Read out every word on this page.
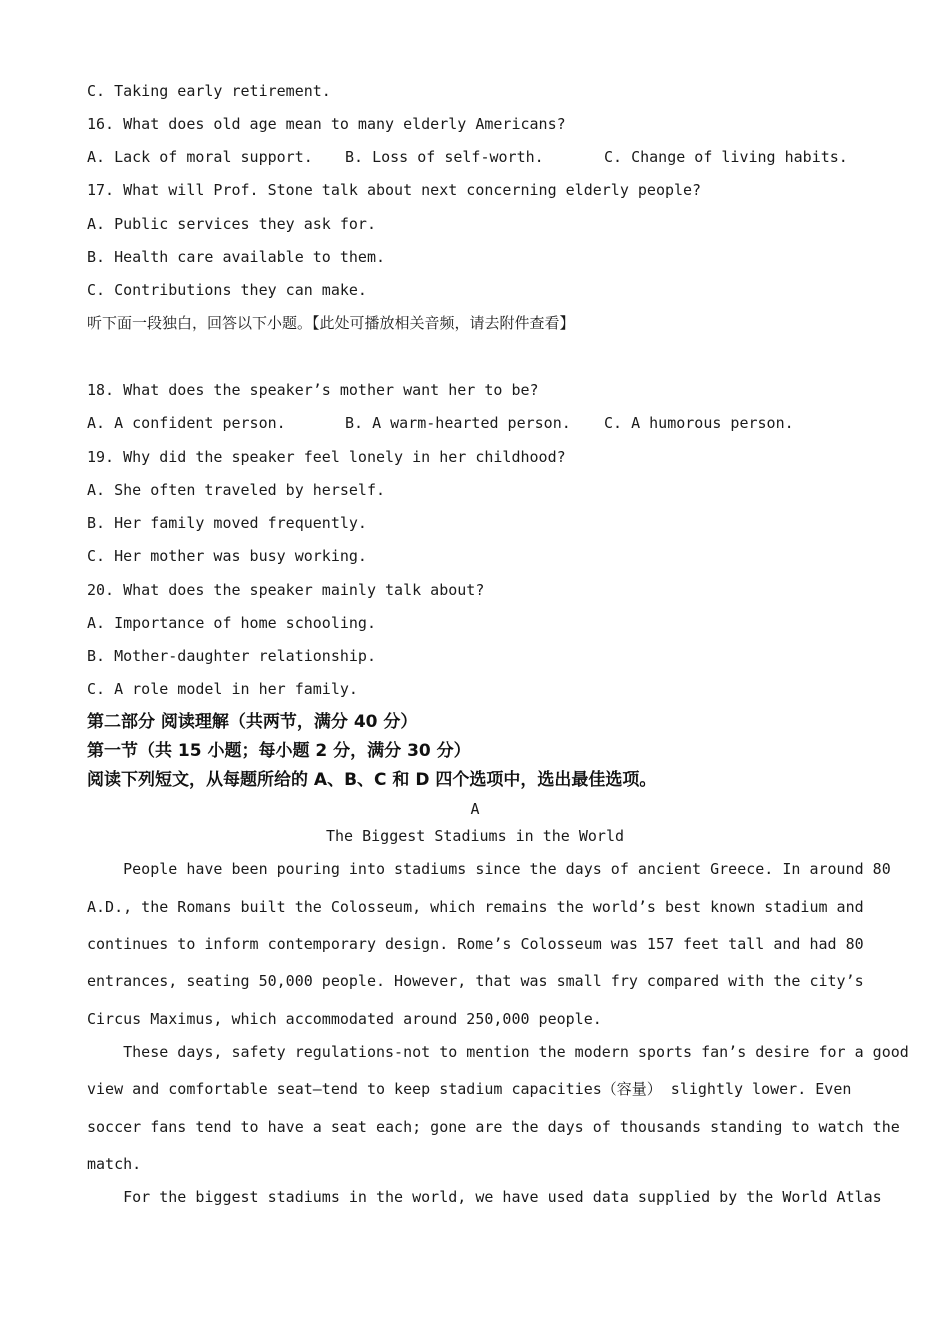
C. Taking early retirement.
16. What does old age mean to many elderly Americans?
A. Lack of moral support. B. Loss of self-worth.	C. Change of living habits.
17. What will Prof. Stone talk about next concerning elderly people?
A. Public services they ask for.
B. Health care available to them.
C. Contributions they can make.
听下面一段独白，回答以下小题。【此处可播放相关音频，请去附件查看】
18. What does the speaker’s mother want her to be?
A. A confident person.	B. A warm-hearted person. C. A humorous person.
19. Why did the speaker feel lonely in her childhood?
A. She often traveled by herself.
B. Her family moved frequently.
C. Her mother was busy working.
20. What does the speaker mainly talk about?
A. Importance of home schooling.
B. Mother-daughter relationship.
C. A role model in her family.
第二部分 阅读理解（共两节，满分 40 分）
第一节（共 15 小题；每小题 2 分，满分 30 分）
阅读下列短文，从每题所给的 A、B、C 和 D 四个选项中，选出最佳选项。
A
The Biggest Stadiums in the World
People have been pouring into stadiums since the days of ancient Greece. In around 80
A.D., the Romans built the Colosseum, which remains the world’s best known stadium and
continues to inform contemporary design. Rome’s Colosseum was 157 feet tall and had 80
entrances, seating 50,000 people. However, that was small fry compared with the city’s
Circus Maximus, which accommodated around 250,000 people.
These days, safety regulations-not to mention the modern sports fan’s desire for a good
view and comfortable seat—tend to keep stadium capacities（容量） slightly lower. Even
soccer fans tend to have a seat each; gone are the days of thousands standing to watch the
match.
For the biggest stadiums in the world, we have used data supplied by the World Atlas
